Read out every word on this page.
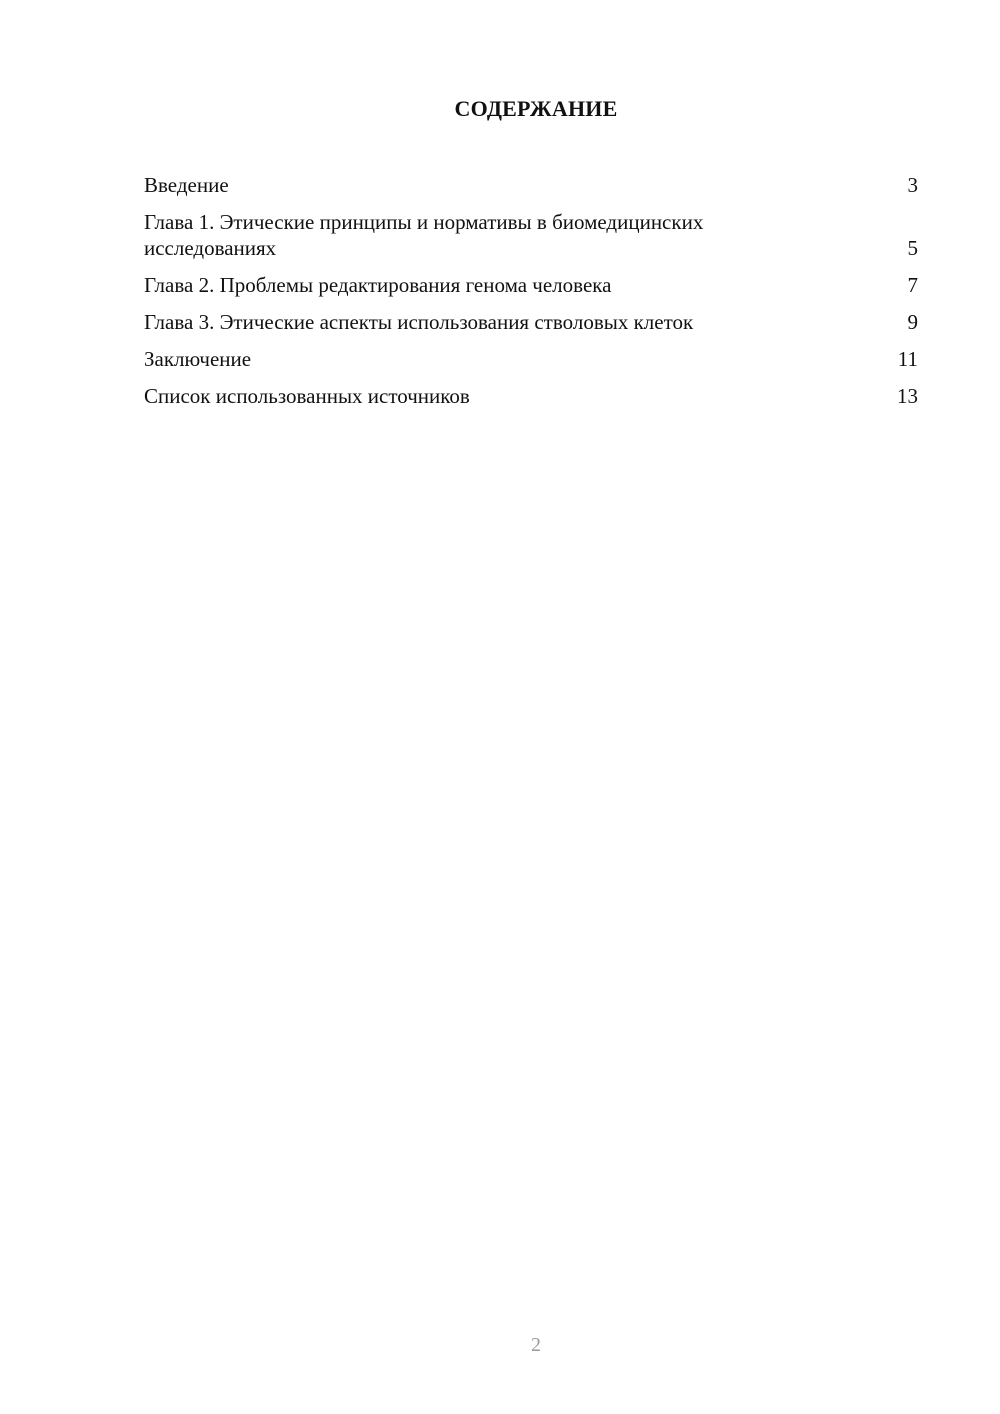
СОДЕРЖАНИЕ
Введение	3
Глава 1. Этические принципы и нормативы в биомедицинских исследованиях	5
Глава 2. Проблемы редактирования генома человека	7
Глава 3. Этические аспекты использования стволовых клеток	9
Заключение	11
Список использованных источников	13
2
